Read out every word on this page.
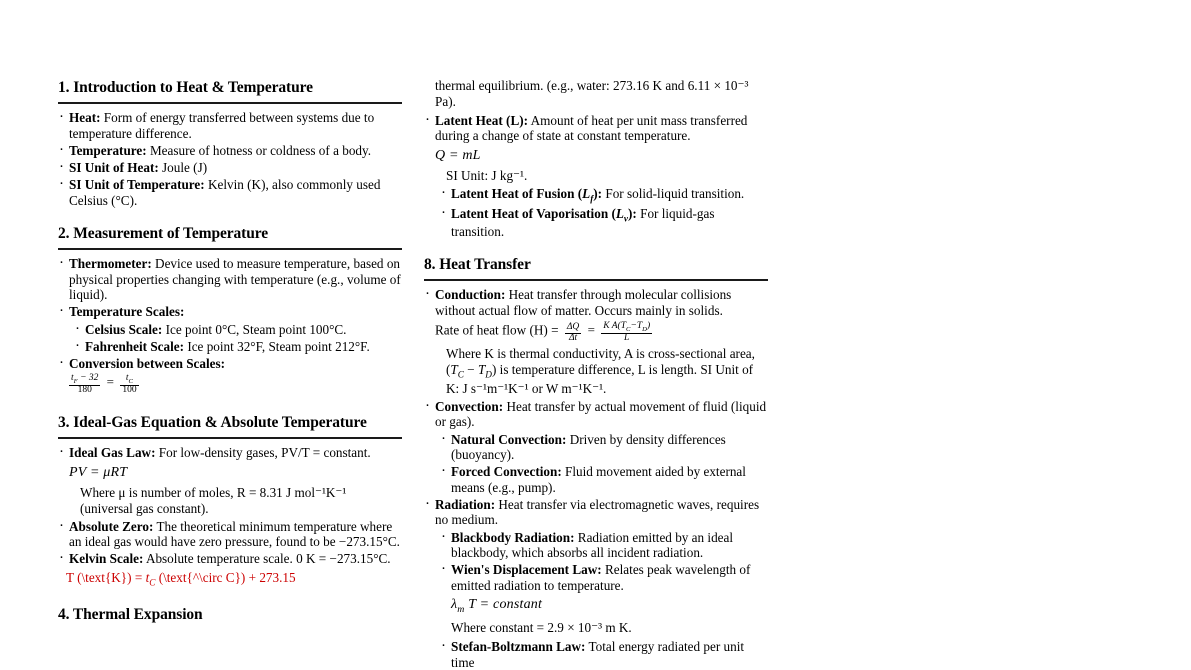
1. Introduction to Heat & Temperature
· Heat: Form of energy transferred between systems due to temperature difference.
· Temperature: Measure of hotness or coldness of a body.
· SI Unit of Heat: Joule (J)
· SI Unit of Temperature: Kelvin (K), also commonly used Celsius (°C).
2. Measurement of Temperature
· Thermometer: Device used to measure temperature, based on physical properties changing with temperature (e.g., volume of liquid).
· Temperature Scales:
· Celsius Scale: Ice point 0°C, Steam point 100°C.
· Fahrenheit Scale: Ice point 32°F, Steam point 212°F.
· Conversion between Scales:
$\frac{t_F - 32}{180} = \frac{t_C}{100}$
3. Ideal-Gas Equation & Absolute Temperature
· Ideal Gas Law: For low-density gases, PV/T = constant.
PV = μRT
Where μ is number of moles, R = 8.31 J mol⁻¹K⁻¹ (universal gas constant).
· Absolute Zero: The theoretical minimum temperature where an ideal gas would have zero pressure, found to be −273.15°C.
· Kelvin Scale: Absolute temperature scale. 0 K = −273.15°C.
T (\text{K}) = $t_C$ (\text{^\circ C}) + 273.15
4. Thermal Expansion
thermal equilibrium. (e.g., water: 273.16 K and 6.11 × 10⁻³ Pa).
· Latent Heat (L): Amount of heat per unit mass transferred during a change of state at constant temperature.
Q = mL
SI Unit: J kg⁻¹.
· Latent Heat of Fusion $(L_f)$: For solid-liquid transition.
· Latent Heat of Vaporisation $(L_v)$: For liquid-gas transition.
8. Heat Transfer
· Conduction: Heat transfer through molecular collisions without actual flow of matter. Occurs mainly in solids.
Rate of heat flow $(H) = \frac{\Delta Q}{\Delta t} = \frac{K A(T_C-T_D)}{L}$
Where K is thermal conductivity, A is cross-sectional area, $(T_C - T_D)$ is temperature difference, L is length. SI Unit of K: J s⁻¹m⁻¹K⁻¹ or W m⁻¹K⁻¹.
· Convection: Heat transfer by actual movement of fluid (liquid or gas).
· Natural Convection: Driven by density differences (buoyancy).
· Forced Convection: Fluid movement aided by external means (e.g., pump).
· Radiation: Heat transfer via electromagnetic waves, requires no medium.
· Blackbody Radiation: Radiation emitted by an ideal blackbody, which absorbs all incident radiation.
· Wien's Displacement Law: Relates peak wavelength of emitted radiation to temperature.
$\lambda_m$ T = constant
Where constant = 2.9 × 10⁻³ m K.
· Stefan-Boltzmann Law: Total energy radiated per unit time
